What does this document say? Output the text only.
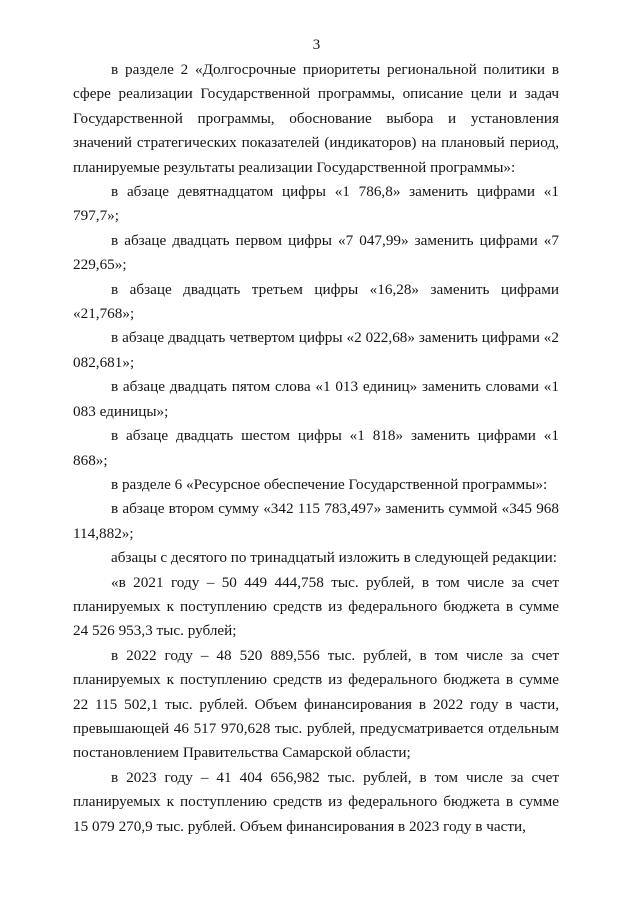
3

в разделе 2 «Долгосрочные приоритеты региональной политики в сфере реализации Государственной программы, описание цели и задач Государственной программы, обоснование выбора и установления значений стратегических показателей (индикаторов) на плановый период, планируемые результаты реализации Государственной программы»:

в абзаце девятнадцатом цифры «1 786,8» заменить цифрами «1 797,7»;

в абзаце двадцать первом цифры «7 047,99» заменить цифрами «7 229,65»;

в абзаце двадцать третьем цифры «16,28» заменить цифрами «21,768»;

в абзаце двадцать четвертом цифры «2 022,68» заменить цифрами «2 082,681»;

в абзаце двадцать пятом слова «1 013 единиц» заменить словами «1 083 единицы»;

в абзаце двадцать шестом цифры «1 818» заменить цифрами «1 868»;

в разделе 6 «Ресурсное обеспечение Государственной программы»:

в абзаце втором сумму «342 115 783,497» заменить суммой «345 968 114,882»;

абзацы с десятого по тринадцатый изложить в следующей редакции:

«в 2021 году – 50 449 444,758 тыс. рублей, в том числе за счет планируемых к поступлению средств из федерального бюджета в сумме 24 526 953,3 тыс. рублей;

в 2022 году – 48 520 889,556 тыс. рублей, в том числе за счет планируемых к поступлению средств из федерального бюджета в сумме 22 115 502,1 тыс. рублей. Объем финансирования в 2022 году в части, превышающей 46 517 970,628 тыс. рублей, предусматривается отдельным постановлением Правительства Самарской области;

в 2023 году – 41 404 656,982 тыс. рублей, в том числе за счет планируемых к поступлению средств из федерального бюджета в сумме 15 079 270,9 тыс. рублей. Объем финансирования в 2023 году в части,
